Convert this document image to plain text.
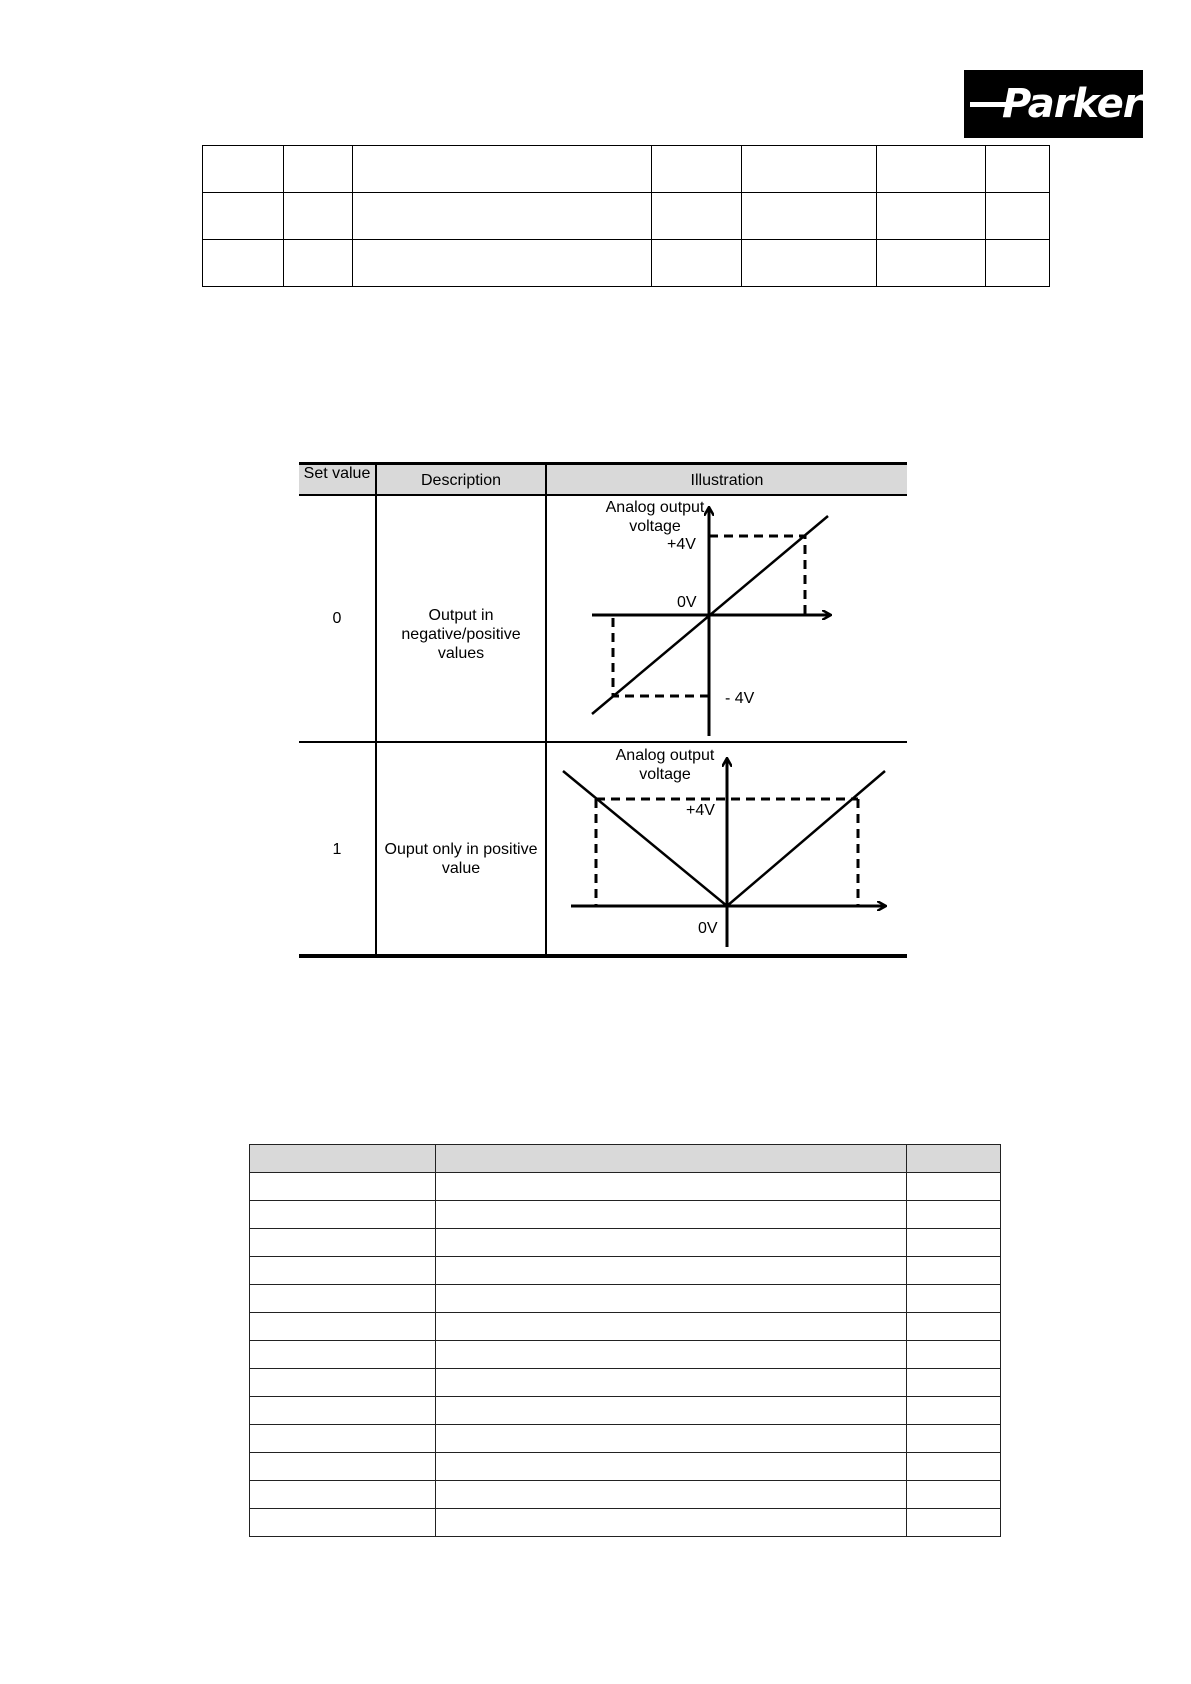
Parker

Set value	Description	Illustration
0	Output in negative/positive values
1	Ouput only in positive value
Analog output voltage
+4V
0V
- 4V
Analog output voltage
+4V
0V
